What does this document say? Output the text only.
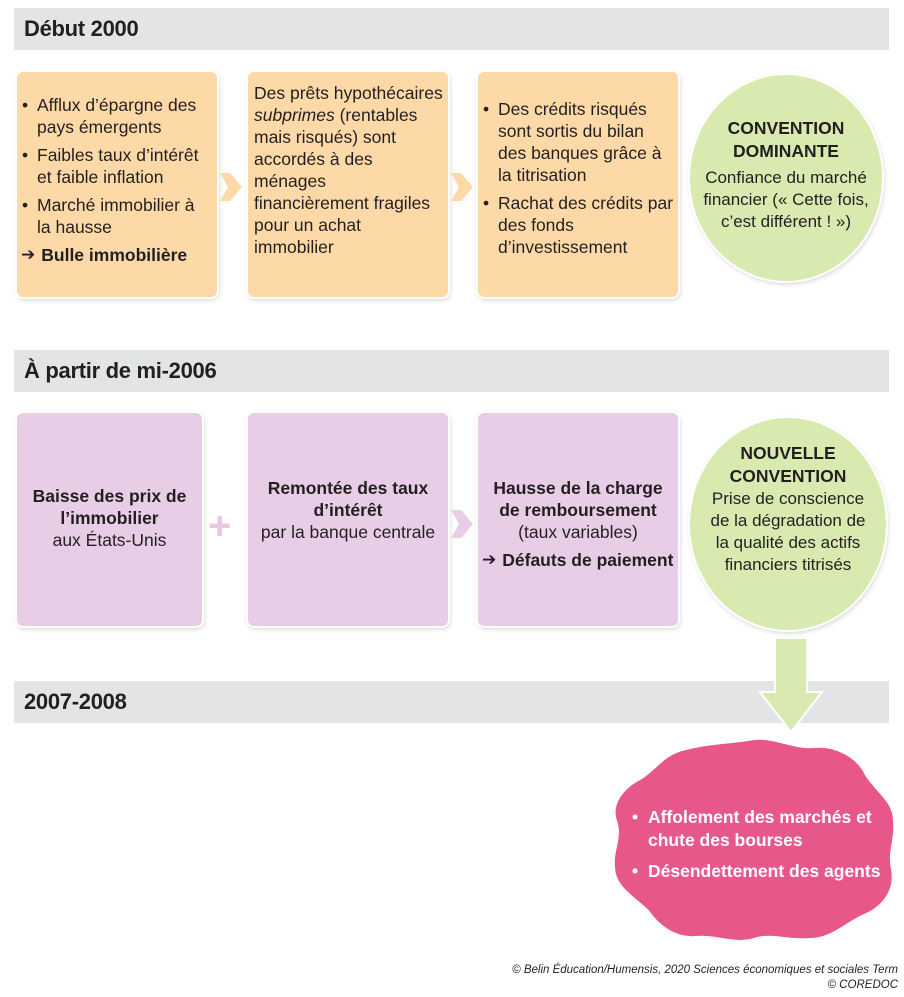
Début 2000
À partir de mi-2006
2007-2008
• Afflux d’épargne des pays émergents
• Faibles taux d’intérêt et faible inflation
• Marché immobilier à la hausse
➔ Bulle immobilière

Des prêts hypothécaires subprimes (rentables mais risqués) sont accordés à des ménages financièrement fragiles pour un achat immobilier

• Des crédits risqués sont sortis du bilan des banques grâce à la titrisation
• Rachat des crédits par des fonds d’investissement
CONVENTION
DOMINANTE
Confiance du marché financier (« Cette fois, c’est différent ! »)
Baisse des prix de l’immobilier
aux États-Unis	+
Remontée des taux d’intérêt
par la banque centrale
Hausse de la charge de remboursement
(taux variables)
➔ Défauts de paiement
NOUVELLE
CONVENTION
Prise de conscience de la dégradation de la qualité des actifs financiers titrisés
• Affolement des marchés et chute des bourses
• Désendettement des agents
© Belin Éducation/Humensis, 2020 Sciences économiques et sociales Term
© COREDOC
